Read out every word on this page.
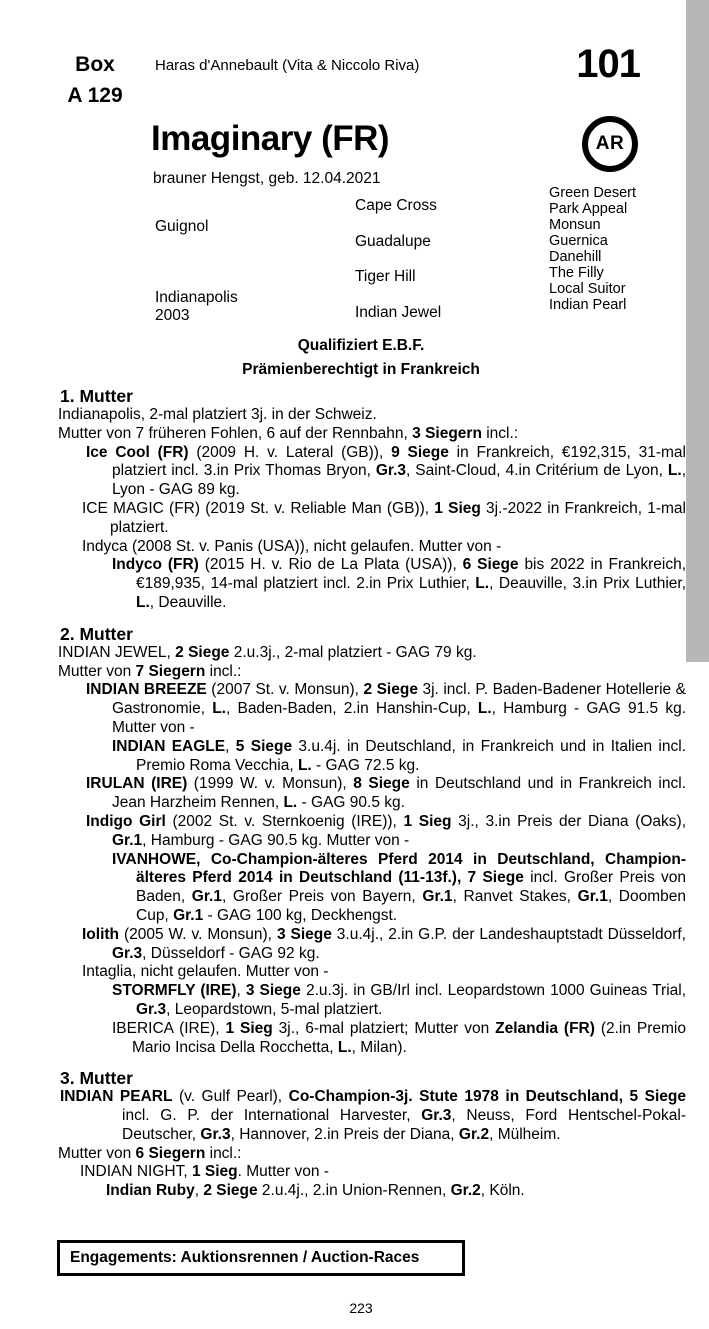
Box
A 129
Haras d'Annebault (Vita & Niccolo Riva)	101
Imaginary (FR)
brauner Hengst, geb. 12.04.2021
AR
Guignol
Indianapolis
2003
Cape Cross
Guadalupe
Tiger Hill
Indian Jewel
Green Desert
Park Appeal
Monsun
Guernica
Danehill
The Filly
Local Suitor
Indian Pearl
Qualifiziert E.B.F.
Prämienberechtigt in Frankreich
1. Mutter
Indianapolis, 2-mal platziert 3j. in der Schweiz.
Mutter von 7 früheren Fohlen, 6 auf der Rennbahn, 3 Siegern incl.:
Ice Cool (FR) (2009 H. v. Lateral (GB)), 9 Siege in Frankreich, €192,315, 31-mal platziert incl. 3.in Prix Thomas Bryon, Gr.3, Saint-Cloud, 4.in Critérium de Lyon, L., Lyon - GAG 89 kg.
ICE MAGIC (FR) (2019 St. v. Reliable Man (GB)), 1 Sieg 3j.-2022 in Frankreich, 1-mal platziert.
Indyca (2008 St. v. Panis (USA)), nicht gelaufen. Mutter von -
Indyco (FR) (2015 H. v. Rio de La Plata (USA)), 6 Siege bis 2022 in Frankreich, €189,935, 14-mal platziert incl. 2.in Prix Luthier, L., Deauville, 3.in Prix Luthier, L., Deauville.
2. Mutter
INDIAN JEWEL, 2 Siege 2.u.3j., 2-mal platziert - GAG 79 kg.
Mutter von 7 Siegern incl.:
INDIAN BREEZE (2007 St. v. Monsun), 2 Siege 3j. incl. P. Baden-Badener Hotellerie & Gastronomie, L., Baden-Baden, 2.in Hanshin-Cup, L., Hamburg - GAG 91.5 kg. Mutter von -
INDIAN EAGLE, 5 Siege 3.u.4j. in Deutschland, in Frankreich und in Italien incl. Premio Roma Vecchia, L. - GAG 72.5 kg.
IRULAN (IRE) (1999 W. v. Monsun), 8 Siege in Deutschland und in Frankreich incl. Jean Harzheim Rennen, L. - GAG 90.5 kg.
Indigo Girl (2002 St. v. Sternkoenig (IRE)), 1 Sieg 3j., 3.in Preis der Diana (Oaks), Gr.1, Hamburg - GAG 90.5 kg. Mutter von -
IVANHOWE, Co-Champion-älteres Pferd 2014 in Deutschland, Champion-älteres Pferd 2014 in Deutschland (11-13f.), 7 Siege incl. Großer Preis von Baden, Gr.1, Großer Preis von Bayern, Gr.1, Ranvet Stakes, Gr.1, Doomben Cup, Gr.1 - GAG 100 kg, Deckhengst.
Iolith (2005 W. v. Monsun), 3 Siege 3.u.4j., 2.in G.P. der Landeshauptstadt Düsseldorf, Gr.3, Düsseldorf - GAG 92 kg.
Intaglia, nicht gelaufen. Mutter von -
STORMFLY (IRE), 3 Siege 2.u.3j. in GB/Irl incl. Leopardstown 1000 Guineas Trial, Gr.3, Leopardstown, 5-mal platziert.
IBERICA (IRE), 1 Sieg 3j., 6-mal platziert; Mutter von Zelandia (FR) (2.in Premio Mario Incisa Della Rocchetta, L., Milan).
3. Mutter
INDIAN PEARL (v. Gulf Pearl), Co-Champion-3j. Stute 1978 in Deutschland, 5 Siege incl. G. P. der International Harvester, Gr.3, Neuss, Ford Hentschel-Pokal-Deutscher, Gr.3, Hannover, 2.in Preis der Diana, Gr.2, Mülheim.
Mutter von 6 Siegern incl.:
INDIAN NIGHT, 1 Sieg. Mutter von -
Indian Ruby, 2 Siege 2.u.4j., 2.in Union-Rennen, Gr.2, Köln.
Engagements: Auktionsrennen / Auction-Races
223
